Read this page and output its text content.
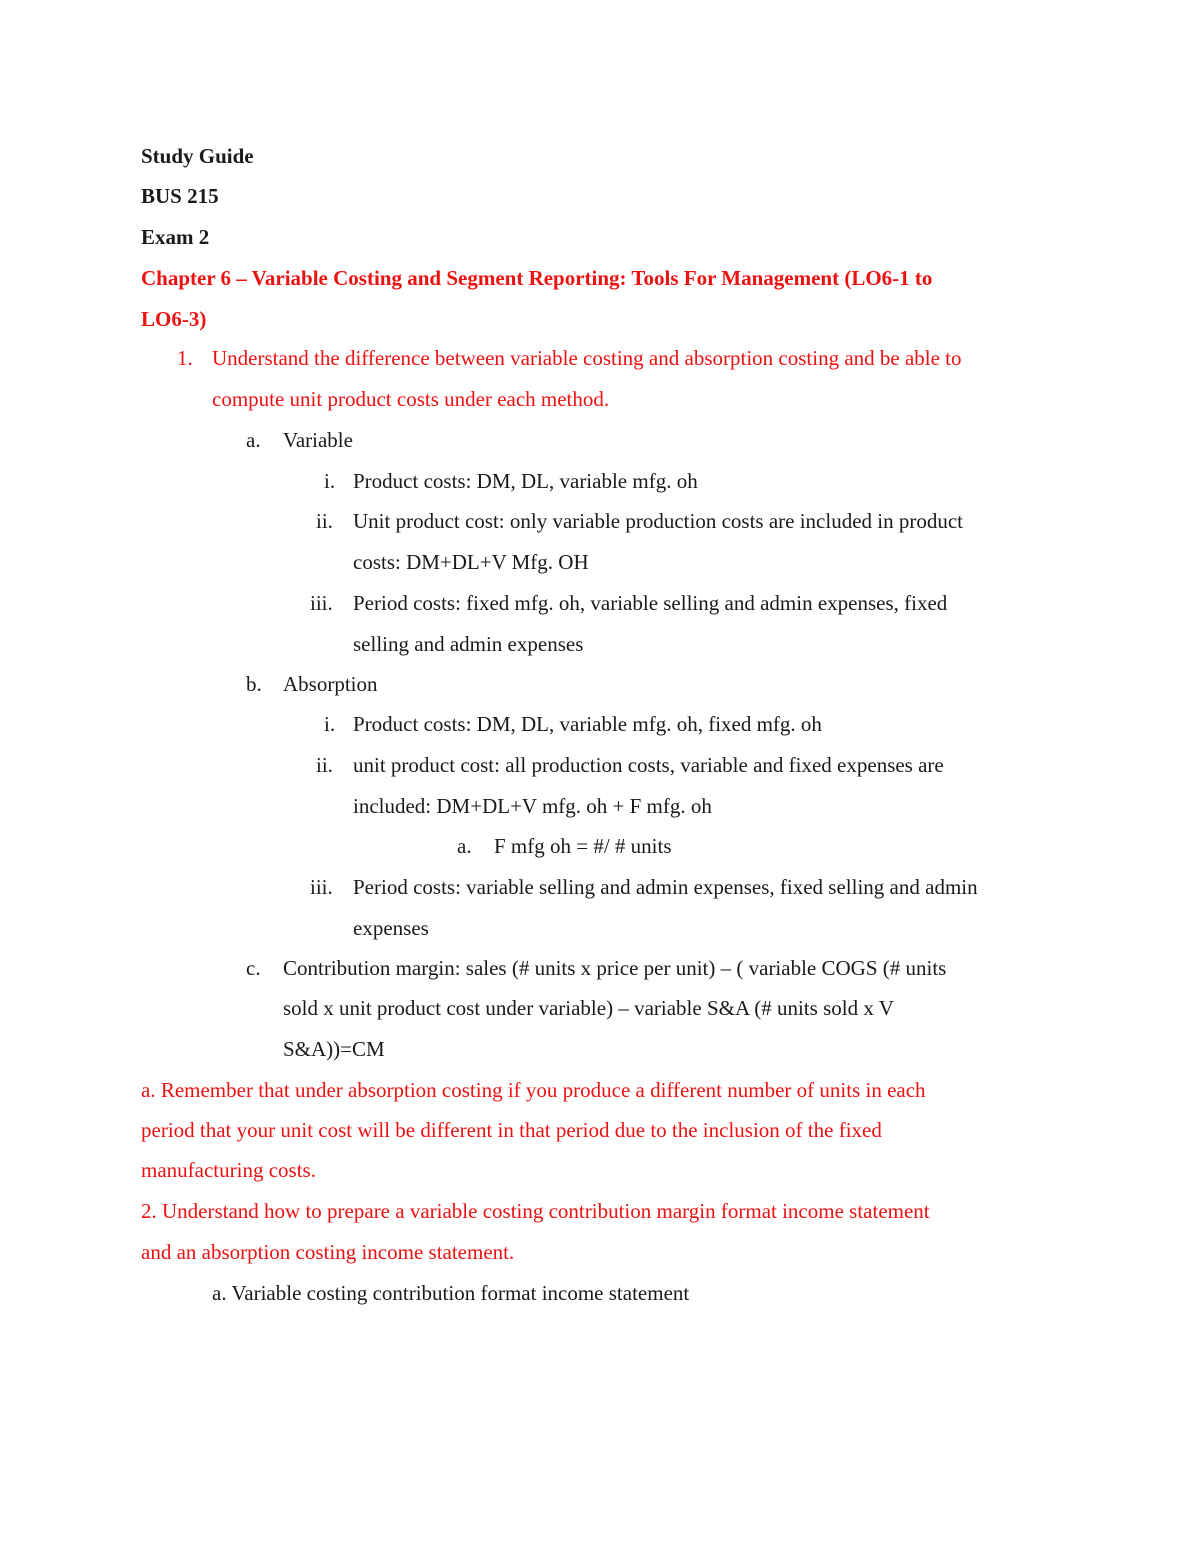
Study Guide
BUS 215
Exam 2
Chapter 6 – Variable Costing and Segment Reporting: Tools For Management (LO6-1 to
LO6-3)
1. Understand the difference between variable costing and absorption costing and be able to
compute unit product costs under each method.
a. Variable
i. Product costs: DM, DL, variable mfg. oh
ii. Unit product cost: only variable production costs are included in product
costs: DM+DL+V Mfg. OH
iii. Period costs: fixed mfg. oh, variable selling and admin expenses, fixed
selling and admin expenses
b. Absorption
i. Product costs: DM, DL, variable mfg. oh, fixed mfg. oh
ii. unit product cost: all production costs, variable and fixed expenses are
included: DM+DL+V mfg. oh + F mfg. oh
a. F mfg oh = #/ # units
iii. Period costs: variable selling and admin expenses, fixed selling and admin
expenses
c. Contribution margin: sales (# units x price per unit) – ( variable COGS (# units
sold x unit product cost under variable) – variable S&A (# units sold x V
S&A))=CM
a. Remember that under absorption costing if you produce a different number of units in each
period that your unit cost will be different in that period due to the inclusion of the fixed
manufacturing costs.
2. Understand how to prepare a variable costing contribution margin format income statement
and an absorption costing income statement.
a. Variable costing contribution format income statement
